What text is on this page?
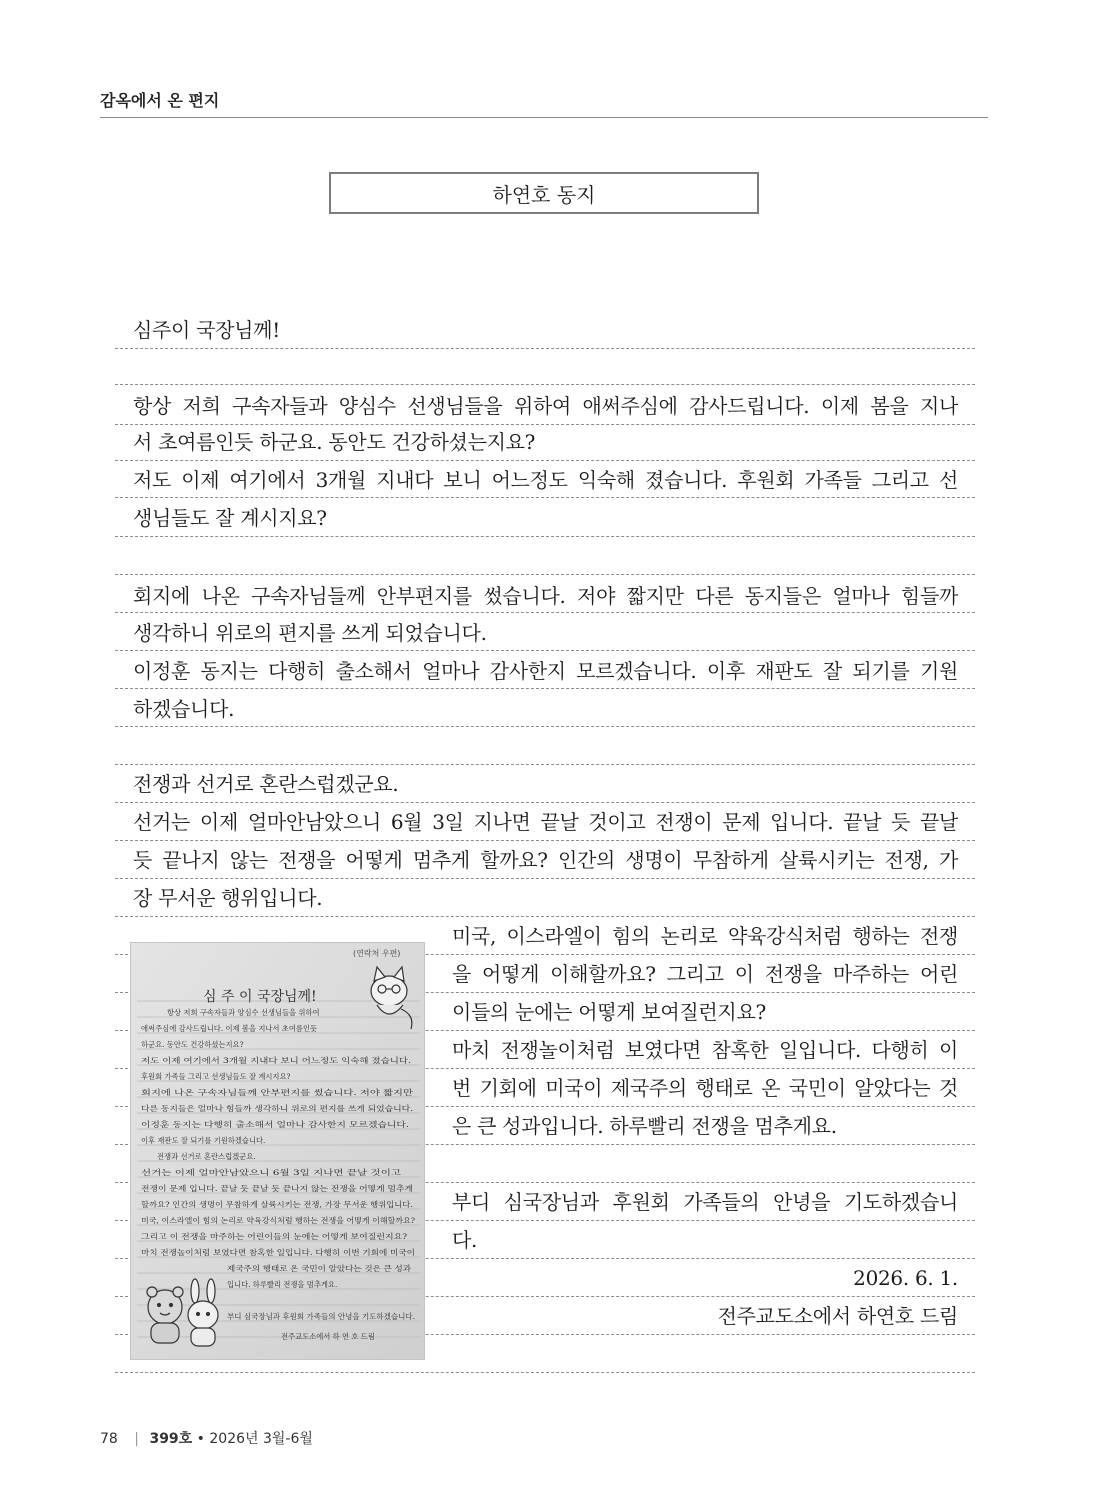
감옥에서 온 편지
하연호 동지
심주이 국장님께!
항상 저희 구속자들과 양심수 선생님들을 위하여 애써주심에 감사드립니다. 이제 봄을 지나
서 초여름인듯 하군요. 동안도 건강하셨는지요?
저도 이제 여기에서 3개월 지내다 보니 어느정도 익숙해 졌습니다. 후원회 가족들 그리고 선
생님들도 잘 계시지요?
회지에 나온 구속자님들께 안부편지를 썼습니다. 저야 짧지만 다른 동지들은 얼마나 힘들까
생각하니 위로의 편지를 쓰게 되었습니다.
이정훈 동지는 다행히 출소해서 얼마나 감사한지 모르겠습니다. 이후 재판도 잘 되기를 기원
하겠습니다.
전쟁과 선거로 혼란스럽겠군요.
선거는 이제 얼마안남았으니 6월 3일 지나면 끝날 것이고 전쟁이 문제 입니다. 끝날 듯 끝날
듯 끝나지 않는 전쟁을 어떻게 멈추게 할까요? 인간의 생명이 무참하게 살륙시키는 전쟁, 가
장 무서운 행위입니다.
미국, 이스라엘이 힘의 논리로 약육강식처럼 행하는 전쟁
을 어떻게 이해할까요? 그리고 이 전쟁을 마주하는 어린
이들의 눈에는 어떻게 보여질런지요?
마치 전쟁놀이처럼 보였다면 참혹한 일입니다. 다행히 이
번 기회에 미국이 제국주의 행태로 온 국민이 알았다는 것
은 큰 성과입니다. 하루빨리 전쟁을 멈추게요.
부디 심국장님과 후원회 가족들의 안녕을 기도하겠습니
다.
2026. 6. 1.
전주교도소에서 하연호 드림
(연락처 우편)
심 주 이 국장님께!
항상 저희 구속자들과 양심수 선생님들을 위하여
애써주심에 감사드립니다. 이제 봄을 지나서 초여름인듯
하군요. 동안도 건강하셨는지요?
저도 이제 여기에서 3개월 지내다 보니 어느정도 익숙해 졌습니다.
후원회 가족들 그리고 선생님들도 잘 계시지요?
회지에 나온 구속자님들께 안부편지를 썼습니다. 저야 짧지만
다른 동지들은 얼마나 힘들까 생각하니 위로의 편지를 쓰게 되었습니다.
이정훈 동지는 다행히 출소해서 얼마나 감사한지 모르겠습니다.
이후 재판도 잘 되기를 기원하겠습니다.
전쟁과 선거로 혼란스럽겠군요.
선거는 이제 얼마안남았으니 6월 3일 지나면 끝날 것이고
전쟁이 문제 입니다. 끝날 듯 끝날 듯 끝나지 않는 전쟁을 어떻게 멈추게
할까요? 인간의 생명이 무참하게 살륙시키는 전쟁, 가장 무서운 행위입니다.
미국, 이스라엘이 힘의 논리로 약육강식처럼 행하는 전쟁을 어떻게 이해할까요?
그리고 이 전쟁을 마주하는 어린이들의 눈에는 어떻게 보여질런지요?
마치 전쟁놀이처럼 보였다면 참혹한 일입니다. 다행히 이번 기회에 미국이
제국주의 행태로 온 국민이 알았다는 것은 큰 성과
입니다. 하루빨리 전쟁을 멈추게요.
부디 심국장님과 후원회 가족들의 안녕을 기도하겠습니다.
전주교도소에서 하 연 호 드림
78 | 399호 • 2026년 3월-6월
